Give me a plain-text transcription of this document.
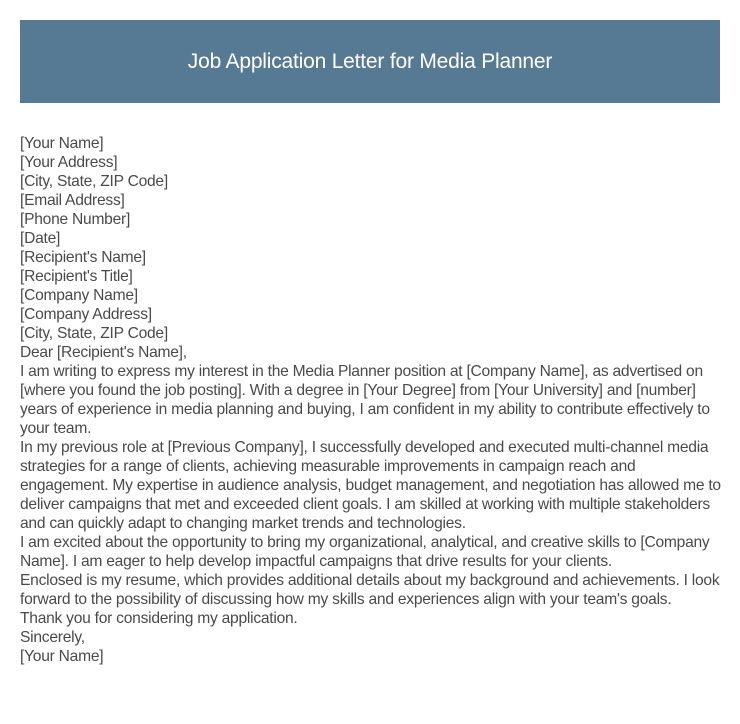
Job Application Letter for Media Planner
[Your Name]
[Your Address]
[City, State, ZIP Code]
[Email Address]
[Phone Number]
[Date]
[Recipient's Name]
[Recipient's Title]
[Company Name]
[Company Address]
[City, State, ZIP Code]
Dear [Recipient's Name],
I am writing to express my interest in the Media Planner position at [Company Name], as advertised on [where you found the job posting]. With a degree in [Your Degree] from [Your University] and [number] years of experience in media planning and buying, I am confident in my ability to contribute effectively to your team.
In my previous role at [Previous Company], I successfully developed and executed multi-channel media strategies for a range of clients, achieving measurable improvements in campaign reach and engagement. My expertise in audience analysis, budget management, and negotiation has allowed me to deliver campaigns that met and exceeded client goals. I am skilled at working with multiple stakeholders and can quickly adapt to changing market trends and technologies.
I am excited about the opportunity to bring my organizational, analytical, and creative skills to [Company Name]. I am eager to help develop impactful campaigns that drive results for your clients.
Enclosed is my resume, which provides additional details about my background and achievements. I look forward to the possibility of discussing how my skills and experiences align with your team's goals.
Thank you for considering my application.
Sincerely,
[Your Name]
